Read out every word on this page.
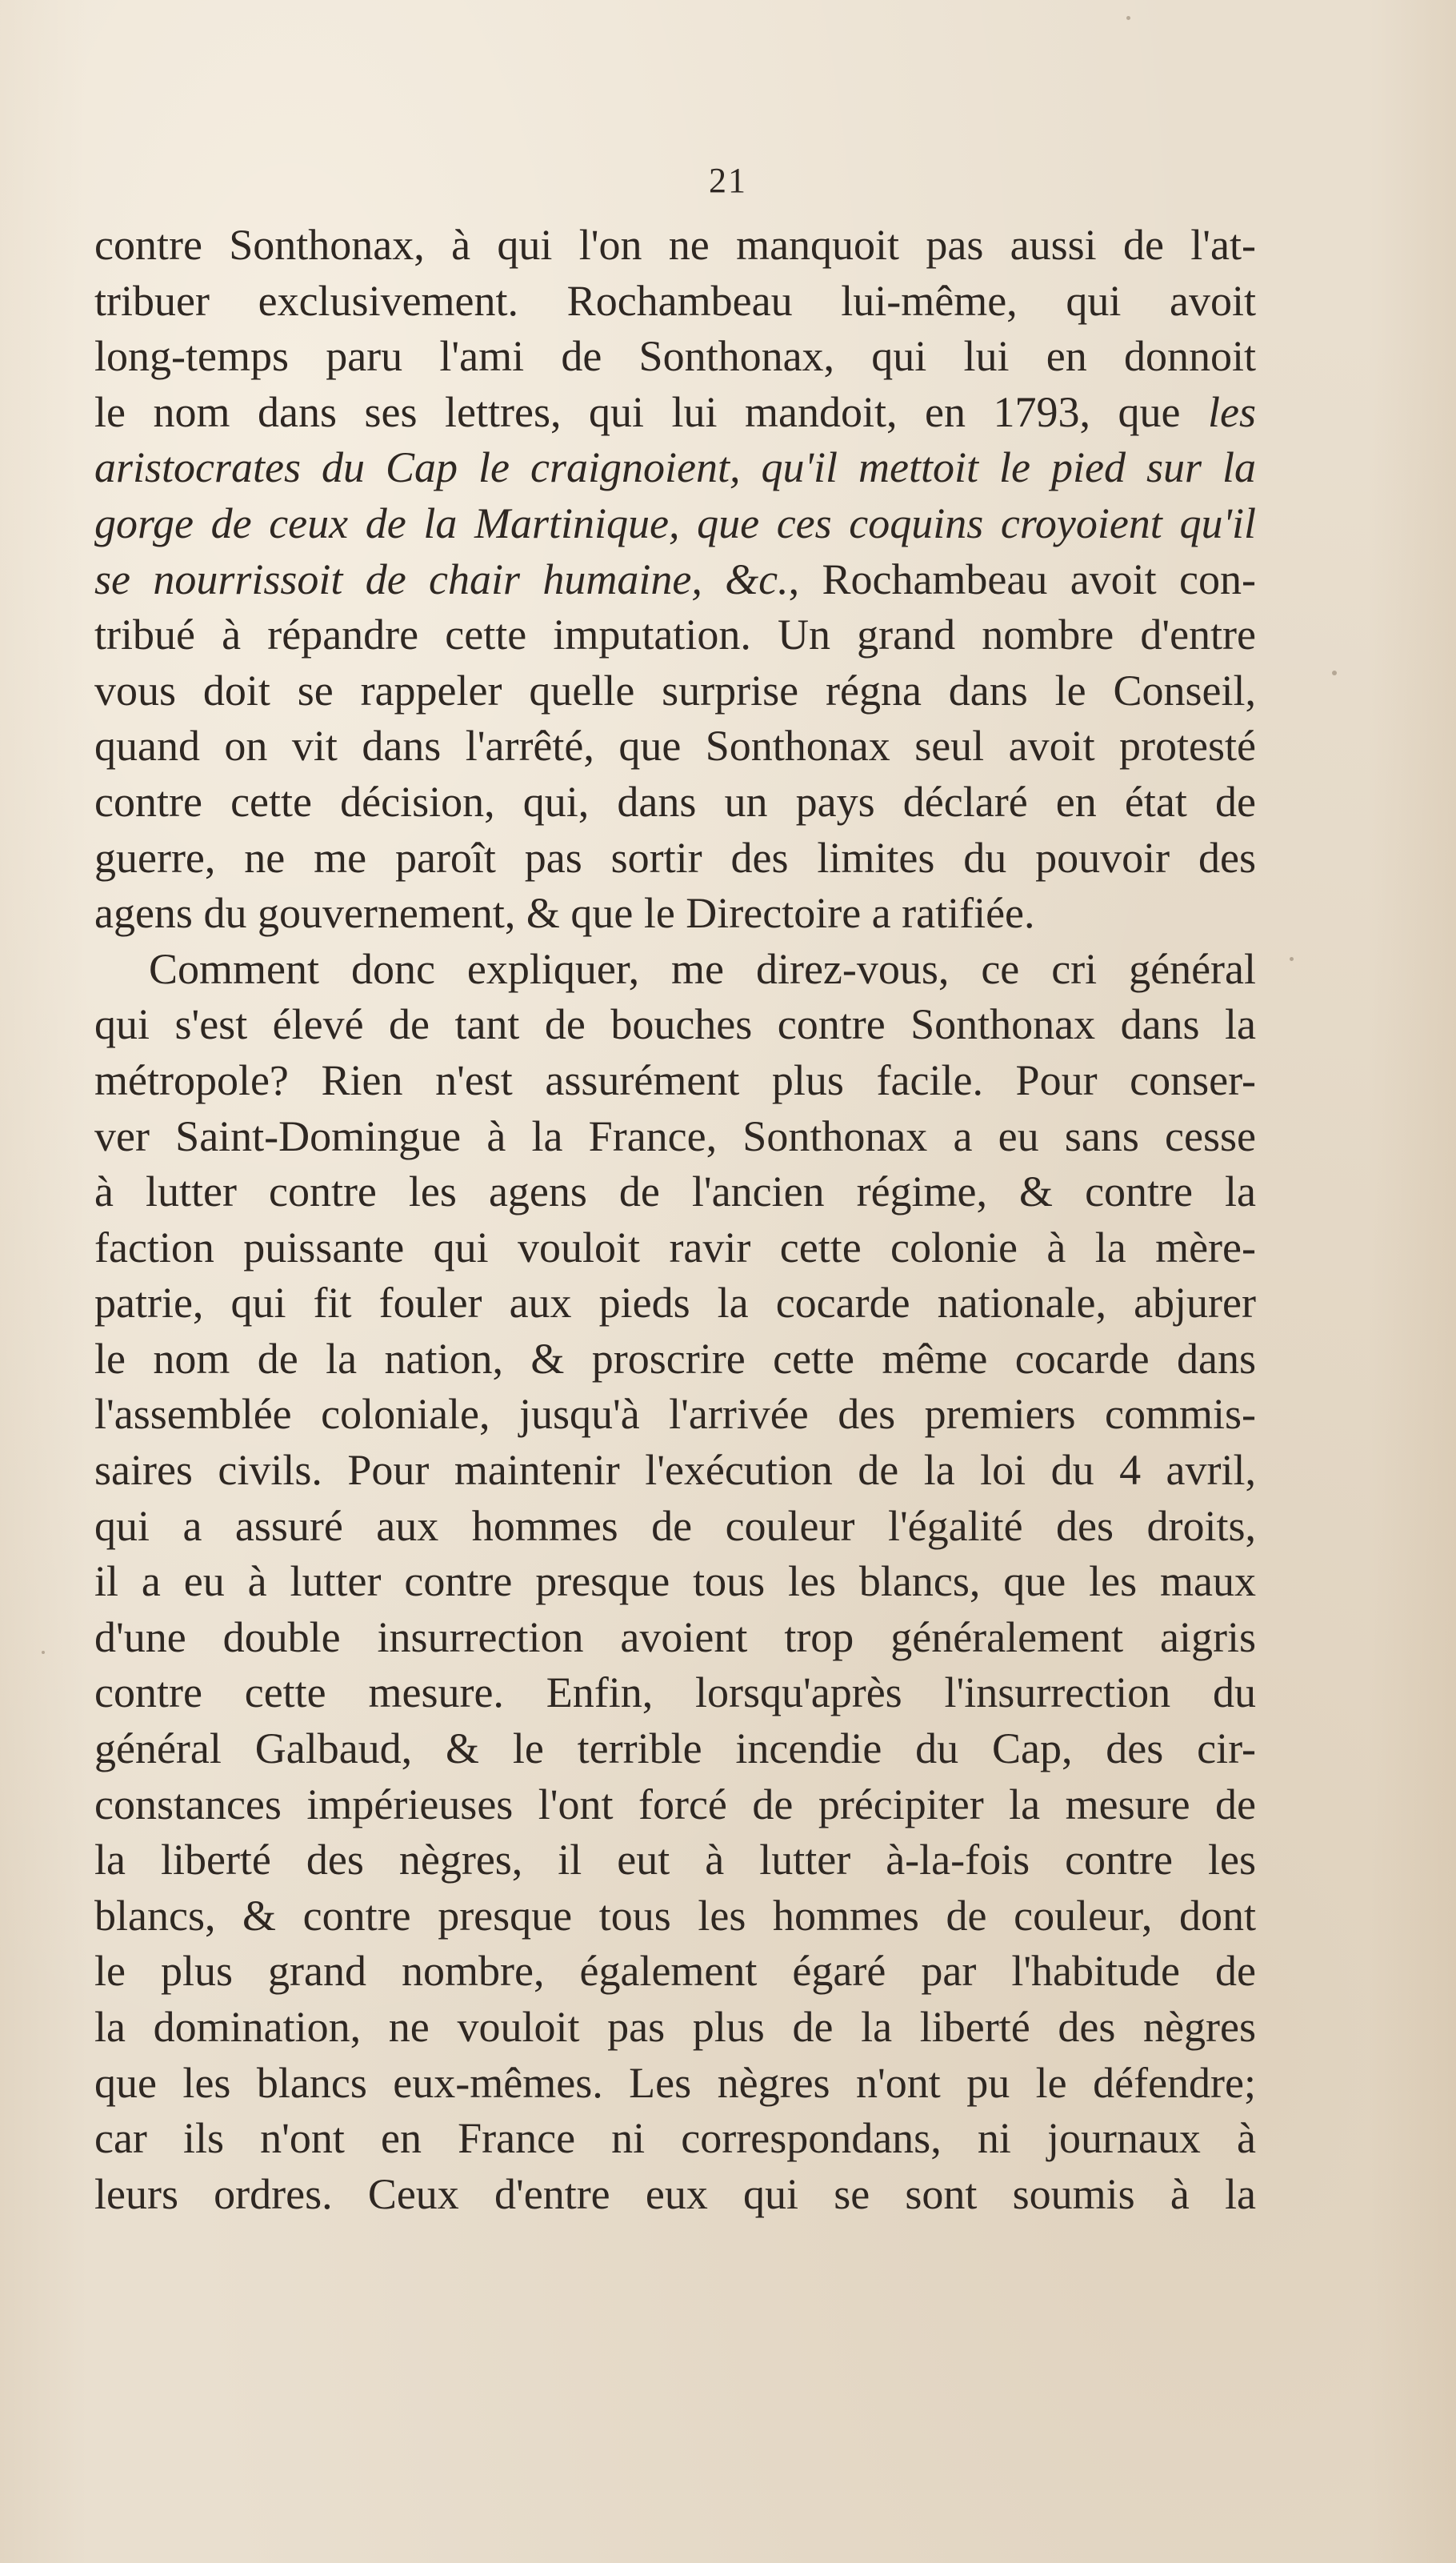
21
contre Sonthonax, à qui l'on ne manquoit pas aussi de l'at-
tribuer exclusivement. Rochambeau lui-même, qui avoit
long-temps paru l'ami de Sonthonax, qui lui en donnoit
le nom dans ses lettres, qui lui mandoit, en 1793, que les
aristocrates du Cap le craignoient, qu'il mettoit le pied sur la
gorge de ceux de la Martinique, que ces coquins croyoient qu'il
se nourrissoit de chair humaine, &c., Rochambeau avoit con-
tribué à répandre cette imputation. Un grand nombre d'entre
vous doit se rappeler quelle surprise régna dans le Conseil,
quand on vit dans l'arrêté, que Sonthonax seul avoit protesté
contre cette décision, qui, dans un pays déclaré en état de
guerre, ne me paroît pas sortir des limites du pouvoir des
agens du gouvernement, & que le Directoire a ratifiée.
Comment donc expliquer, me direz-vous, ce cri général
qui s'est élevé de tant de bouches contre Sonthonax dans la
métropole? Rien n'est assurément plus facile. Pour conser-
ver Saint-Domingue à la France, Sonthonax a eu sans cesse
à lutter contre les agens de l'ancien régime, & contre la
faction puissante qui vouloit ravir cette colonie à la mère-
patrie, qui fit fouler aux pieds la cocarde nationale, abjurer
le nom de la nation, & proscrire cette même cocarde dans
l'assemblée coloniale, jusqu'à l'arrivée des premiers commis-
saires civils. Pour maintenir l'exécution de la loi du 4 avril,
qui a assuré aux hommes de couleur l'égalité des droits,
il a eu à lutter contre presque tous les blancs, que les maux
d'une double insurrection avoient trop généralement aigris
contre cette mesure. Enfin, lorsqu'après l'insurrection du
général Galbaud, & le terrible incendie du Cap, des cir-
constances impérieuses l'ont forcé de précipiter la mesure de
la liberté des nègres, il eut à lutter à-la-fois contre les
blancs, & contre presque tous les hommes de couleur, dont
le plus grand nombre, également égaré par l'habitude de
la domination, ne vouloit pas plus de la liberté des nègres
que les blancs eux-mêmes. Les nègres n'ont pu le défendre;
car ils n'ont en France ni correspondans, ni journaux à
leurs ordres. Ceux d'entre eux qui se sont soumis à la
